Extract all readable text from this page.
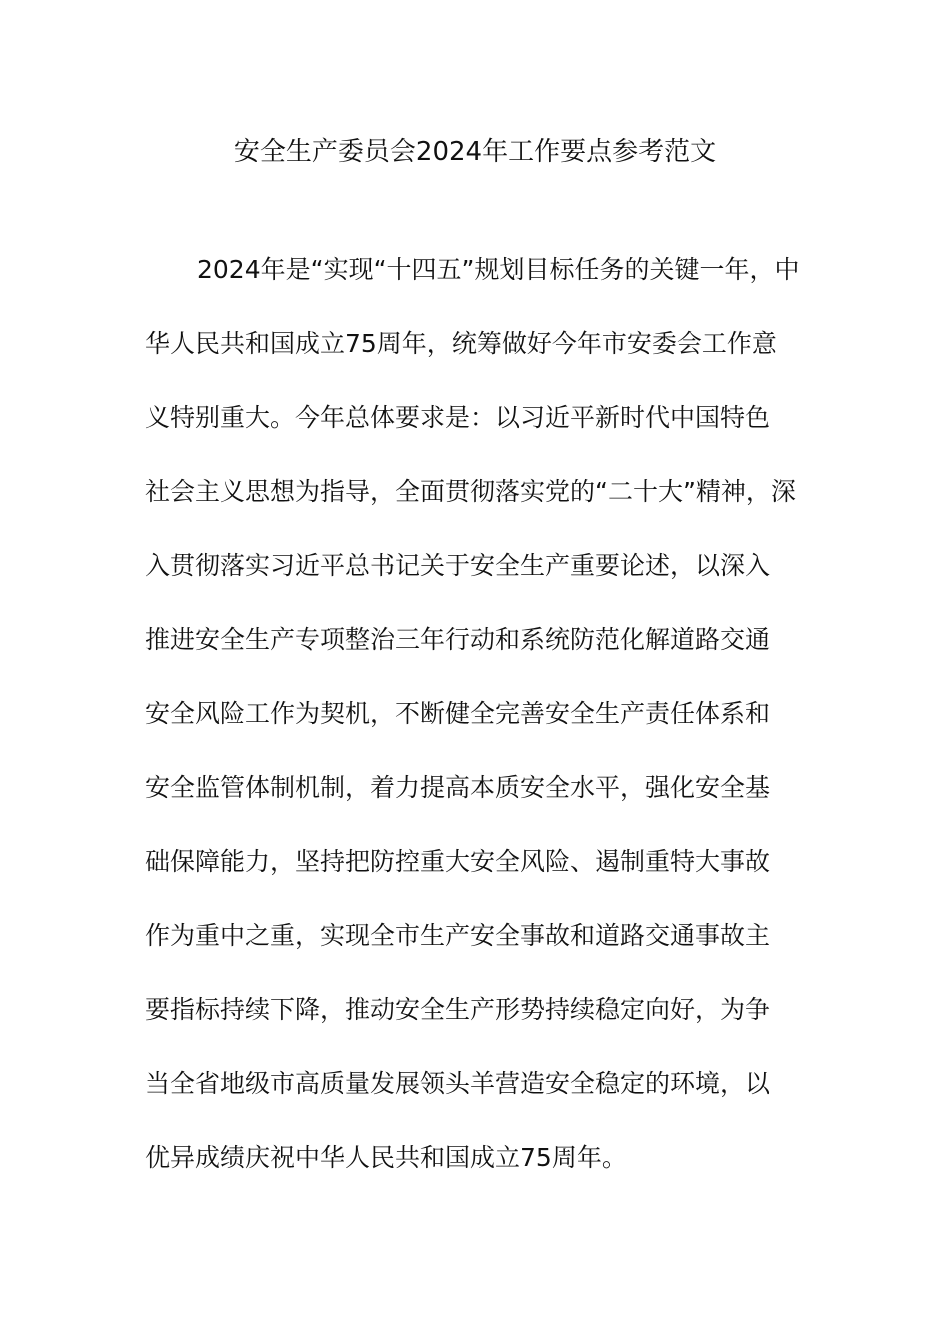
安全生产委员会2024年工作要点参考范文
2024年是“实现“十四五”规划目标任务的关键一年，中
华人民共和国成立75周年，统筹做好今年市安委会工作意
义特别重大。今年总体要求是：以习近平新时代中国特色
社会主义思想为指导，全面贯彻落实党的“二十大”精神，深
入贯彻落实习近平总书记关于安全生产重要论述，以深入
推进安全生产专项整治三年行动和系统防范化解道路交通
安全风险工作为契机，不断健全完善安全生产责任体系和
安全监管体制机制，着力提高本质安全水平，强化安全基
础保障能力，坚持把防控重大安全风险、遏制重特大事故
作为重中之重，实现全市生产安全事故和道路交通事故主
要指标持续下降，推动安全生产形势持续稳定向好，为争
当全省地级市高质量发展领头羊营造安全稳定的环境，以
优异成绩庆祝中华人民共和国成立75周年。
